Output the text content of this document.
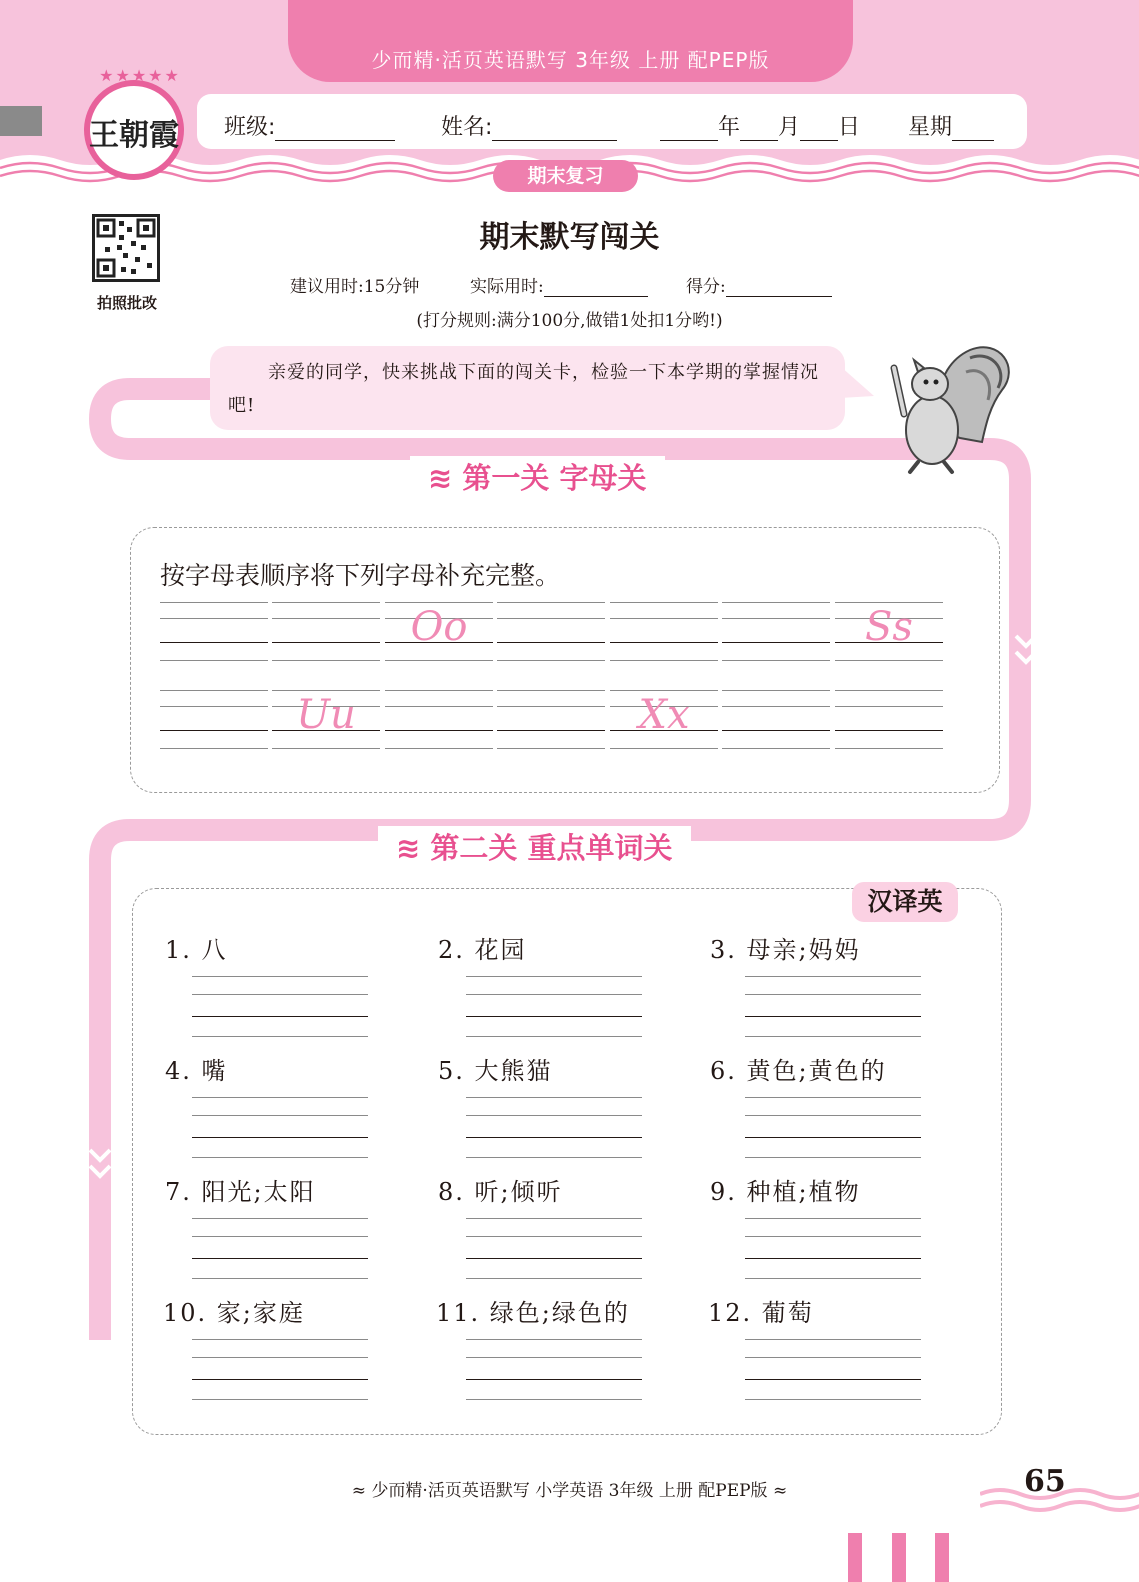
少而精·活页英语默写 3年级 上册 配PEP版
★★★★★
王朝霞 班级:	姓名:	年 月 日 星期
期末复习
拍照批改
期末默写闯关
建议用时:15分钟	实际用时:	得分:
(打分规则:满分100分,做错1处扣1分哟!)
亲爱的同学，快来挑战下面的闯关卡，检验一下本学期的掌握情况吧!
≋ 第一关 字母关
按字母表顺序将下列字母补充完整。
Oo	Ss
Uu	Xx
≋ 第二关 重点单词关
汉译英
1. 八	2. 花园	3. 母亲;妈妈
4. 嘴	5. 大熊猫	6. 黄色;黄色的
7. 阳光;太阳	8. 听;倾听	9. 种植;植物
10. 家;家庭	11. 绿色;绿色的	12. 葡萄
≈ 少而精·活页英语默写 小学英语 3年级 上册 配PEP版 ≈	65
